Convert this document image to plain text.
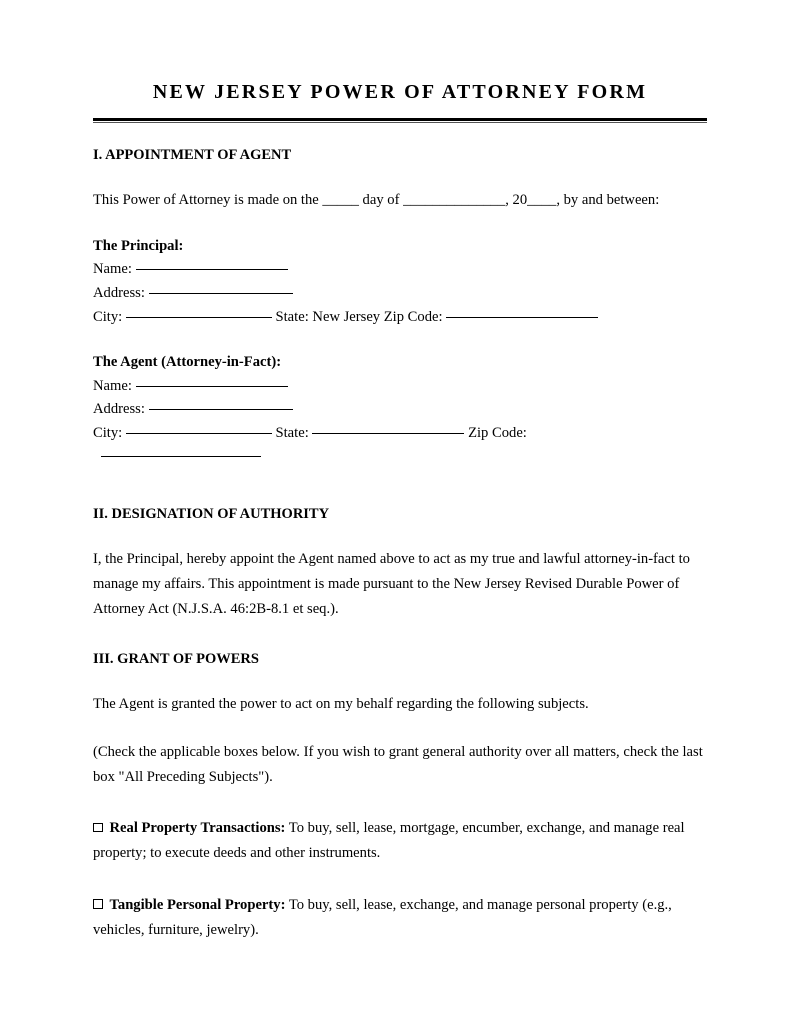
NEW JERSEY POWER OF ATTORNEY FORM
I. APPOINTMENT OF AGENT

This Power of Attorney is made on the _____ day of ______________, 20____, by and between:

The Principal:

Name:

Address:

City:	State: New Jersey Zip Code:

The Agent (Attorney-in-Fact):

Name:

Address:

City:	State:	Zip Code:

II. DESIGNATION OF AUTHORITY

I, the Principal, hereby appoint the Agent named above to act as my true and lawful attorney-in-fact to manage my affairs. This appointment is made pursuant to the New Jersey Revised Durable Power of Attorney Act (N.J.S.A. 46:2B-8.1 et seq.).

III. GRANT OF POWERS

The Agent is granted the power to act on my behalf regarding the following subjects.

(Check the applicable boxes below. If you wish to grant general authority over all matters, check the last box "All Preceding Subjects").

Real Property Transactions: To buy, sell, lease, mortgage, encumber, exchange, and manage real property; to execute deeds and other instruments.

Tangible Personal Property: To buy, sell, lease, exchange, and manage personal property (e.g., vehicles, furniture, jewelry).
